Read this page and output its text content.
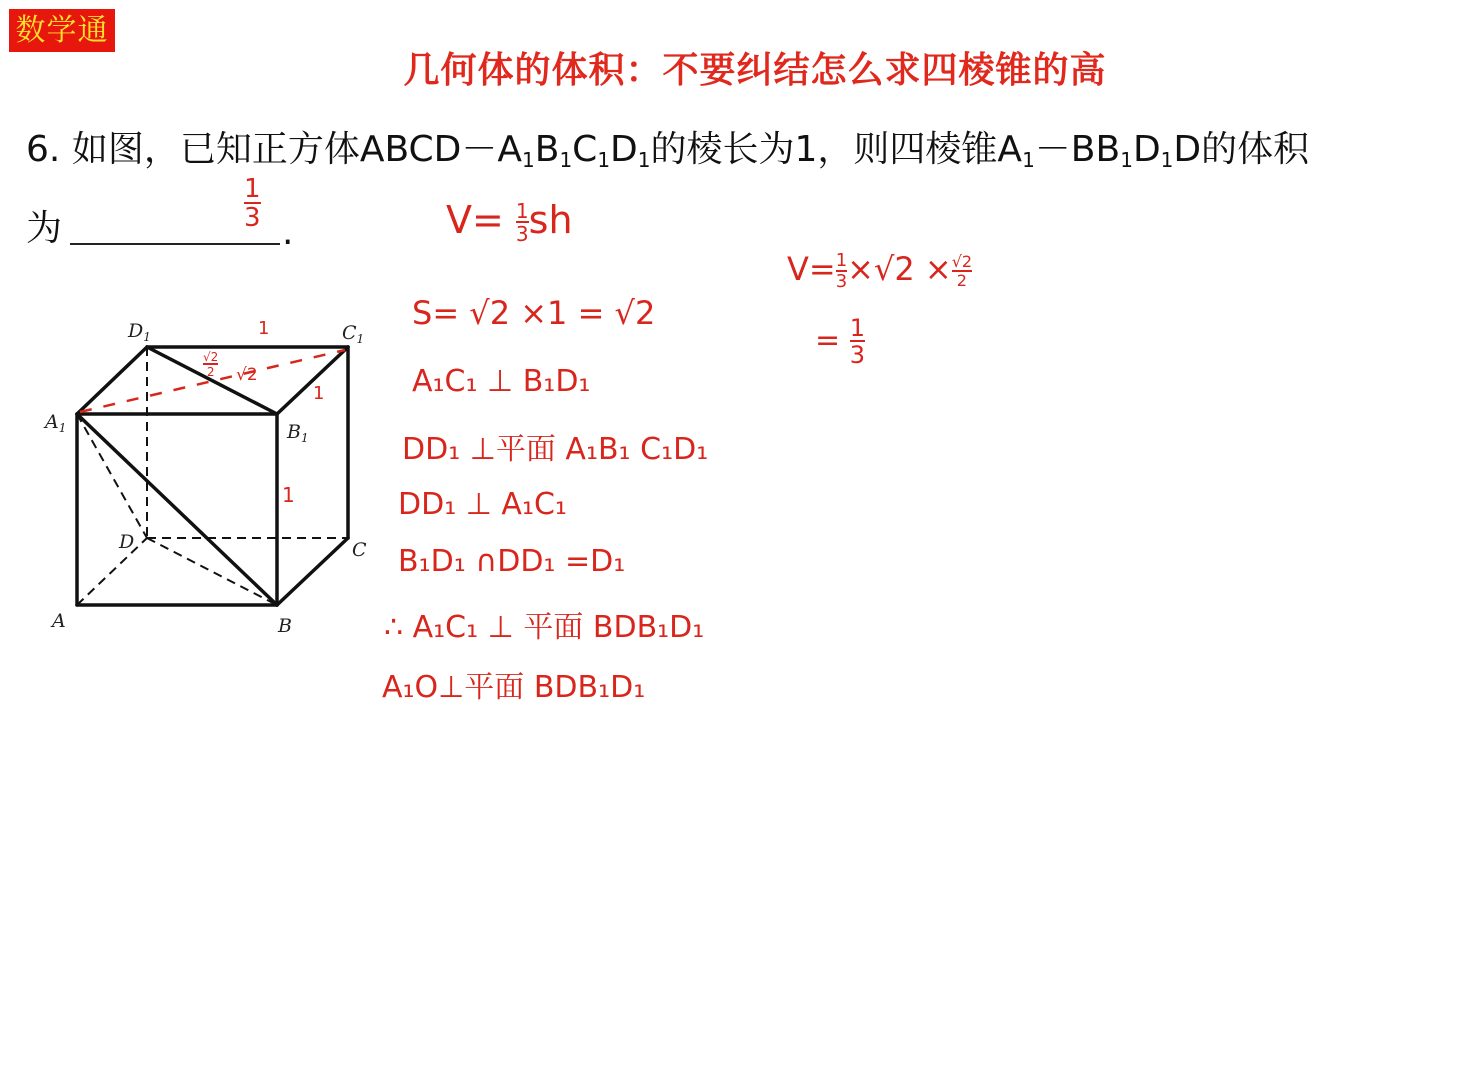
数学通
几何体的体积：不要纠结怎么求四棱锥的高
6. 如图，已知正方体$ABCD-A_1B_1C_1D_1$的棱长为1，则四棱锥$A_1-BB_1D_1D$的体积
为	.
$\frac{1}{3}$
$D_1$	$C_1$
$A_1$	$B_1$
D	C
A	B
1
1
1
$\frac{√2}{2} √2$
$V= \frac{1}{3}$ sh
S= √2 ×1 = √2
A₁C₁ ⊥ B₁D₁
DD₁ ⊥平面 A₁B₁ C₁D₁
DD₁ ⊥ A₁C₁
B₁D₁ ∩DD₁ =D₁
∴ A₁C₁ ⊥ 平面 BDB₁D₁
A₁O⊥平面 BDB₁D₁
$V= \frac{1}{3} \times√2 \times \frac{√2}{2}$
= $\frac{1}{3}$
